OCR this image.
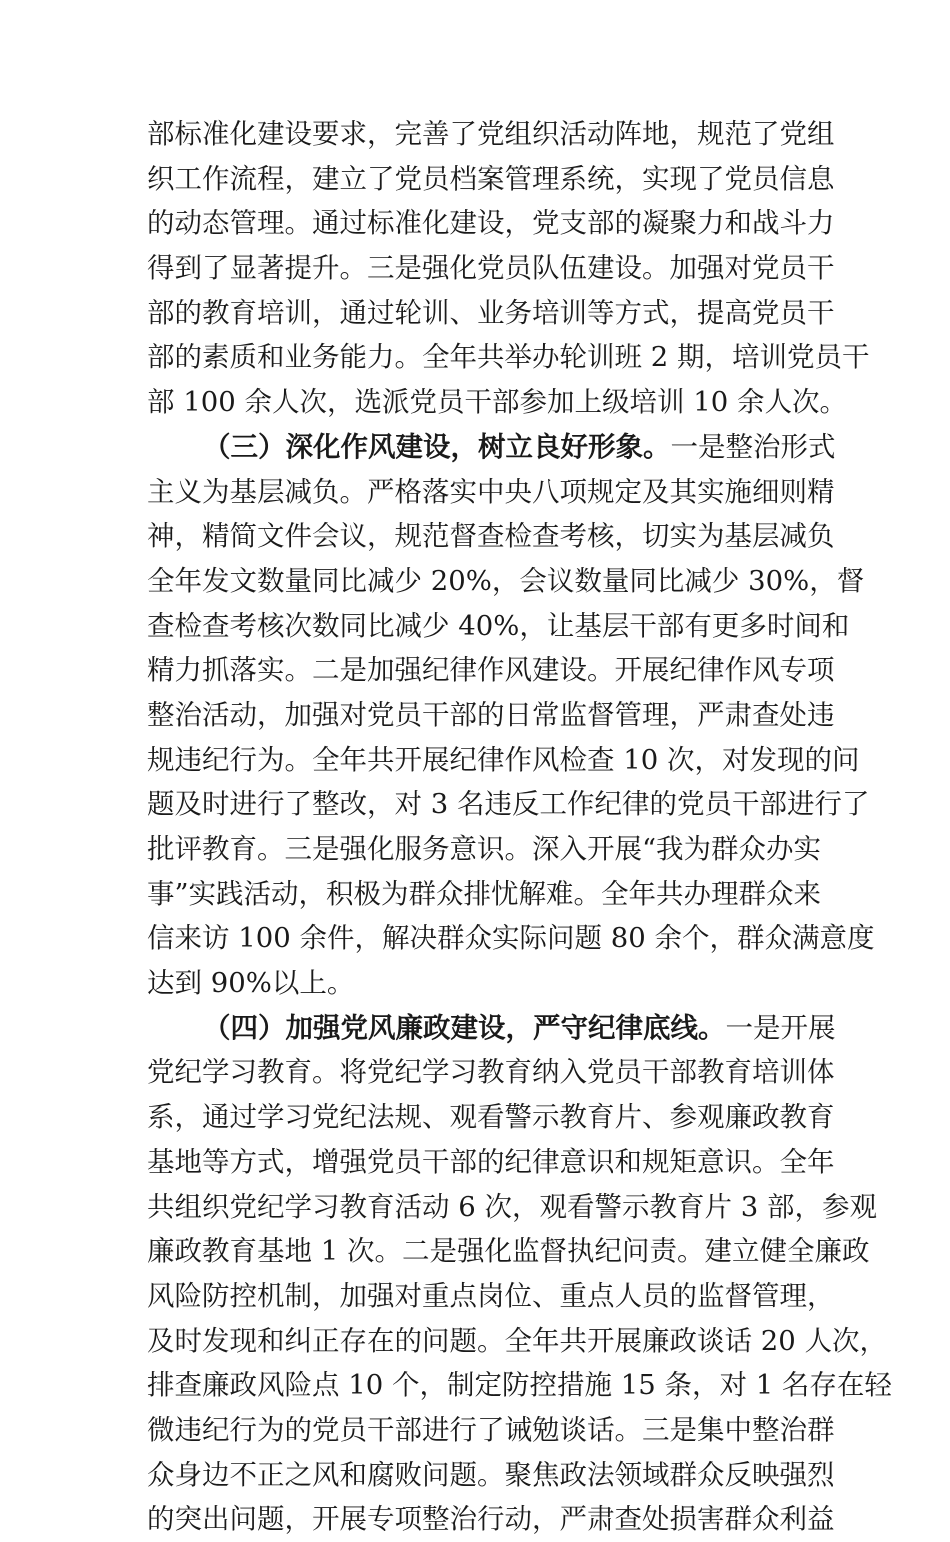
部标准化建设要求，完善了党组织活动阵地，规范了党组
织工作流程，建立了党员档案管理系统，实现了党员信息
的动态管理。通过标准化建设，党支部的凝聚力和战斗力
得到了显著提升。三是强化党员队伍建设。加强对党员干
部的教育培训，通过轮训、业务培训等方式，提高党员干
部的素质和业务能力。全年共举办轮训班 2 期，培训党员干
部 100 余人次，选派党员干部参加上级培训 10 余人次。
（三）深化作风建设，树立良好形象。一是整治形式
主义为基层减负。严格落实中央八项规定及其实施细则精
神，精简文件会议，规范督查检查考核，切实为基层减负
全年发文数量同比减少 20%，会议数量同比减少 30%，督
查检查考核次数同比减少 40%，让基层干部有更多时间和
精力抓落实。二是加强纪律作风建设。开展纪律作风专项
整治活动，加强对党员干部的日常监督管理，严肃查处违
规违纪行为。全年共开展纪律作风检查 10 次，对发现的问
题及时进行了整改，对 3 名违反工作纪律的党员干部进行了
批评教育。三是强化服务意识。深入开展“我为群众办实
事”实践活动，积极为群众排忧解难。全年共办理群众来
信来访 100 余件，解决群众实际问题 80 余个，群众满意度
达到 90%以上。
（四）加强党风廉政建设，严守纪律底线。一是开展
党纪学习教育。将党纪学习教育纳入党员干部教育培训体
系，通过学习党纪法规、观看警示教育片、参观廉政教育
基地等方式，增强党员干部的纪律意识和规矩意识。全年
共组织党纪学习教育活动 6 次，观看警示教育片 3 部，参观
廉政教育基地 1 次。二是强化监督执纪问责。建立健全廉政
风险防控机制，加强对重点岗位、重点人员的监督管理，
及时发现和纠正存在的问题。全年共开展廉政谈话 20 人次，
排查廉政风险点 10 个，制定防控措施 15 条，对 1 名存在轻
微违纪行为的党员干部进行了诫勉谈话。三是集中整治群
众身边不正之风和腐败问题。聚焦政法领域群众反映强烈
的突出问题，开展专项整治行动，严肃查处损害群众利益
